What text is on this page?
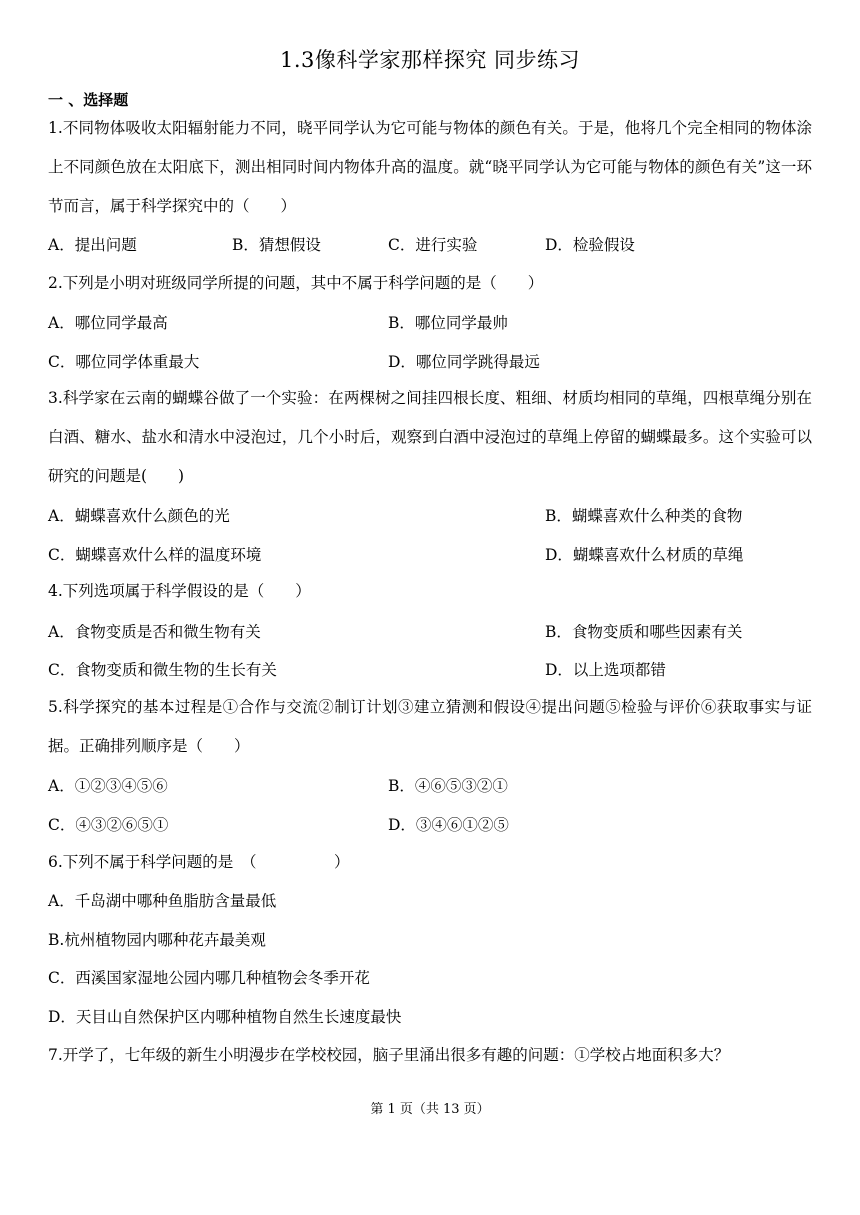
1.3像科学家那样探究 同步练习
一 、选择题
1.不同物体吸收太阳辐射能力不同，晓平同学认为它可能与物体的颜色有关。于是，他将几个完全相同的物体涂上不同颜色放在太阳底下，测出相同时间内物体升高的温度。就“晓平同学认为它可能与物体的颜色有关”这一环节而言，属于科学探究中的（　　）
A．提出问题	B．猜想假设	C．进行实验	D．检验假设
2.下列是小明对班级同学所提的问题，其中不属于科学问题的是（　　）
A．哪位同学最高	B．哪位同学最帅
C．哪位同学体重最大	D．哪位同学跳得最远
3.科学家在云南的蝴蝶谷做了一个实验：在两棵树之间挂四根长度、粗细、材质均相同的草绳，四根草绳分别在白酒、糖水、盐水和清水中浸泡过，几个小时后，观察到白酒中浸泡过的草绳上停留的蝴蝶最多。这个实验可以研究的问题是(　　)
A．蝴蝶喜欢什么颜色的光	B．蝴蝶喜欢什么种类的食物
C．蝴蝶喜欢什么样的温度环境	D．蝴蝶喜欢什么材质的草绳
4.下列选项属于科学假设的是（　　）
A．食物变质是否和微生物有关	B．食物变质和哪些因素有关
C．食物变质和微生物的生长有关	D．以上选项都错
5.科学探究的基本过程是①合作与交流②制订计划③建立猜测和假设④提出问题⑤检验与评价⑥获取事实与证据。正确排列顺序是（　　）
A．①②③④⑤⑥	B．④⑥⑤③②①
C．④③②⑥⑤①	D．③④⑥①②⑤
6.下列不属于科学问题的是　（　　　　　）
A．千岛湖中哪种鱼脂肪含量最低
B.杭州植物园内哪种花卉最美观
C．西溪国家湿地公园内哪几种植物会冬季开花
D．天目山自然保护区内哪种植物自然生长速度最快
7.开学了，七年级的新生小明漫步在学校校园，脑子里涌出很多有趣的问题：①学校占地面积多大？
第 1 页（共 13 页）
